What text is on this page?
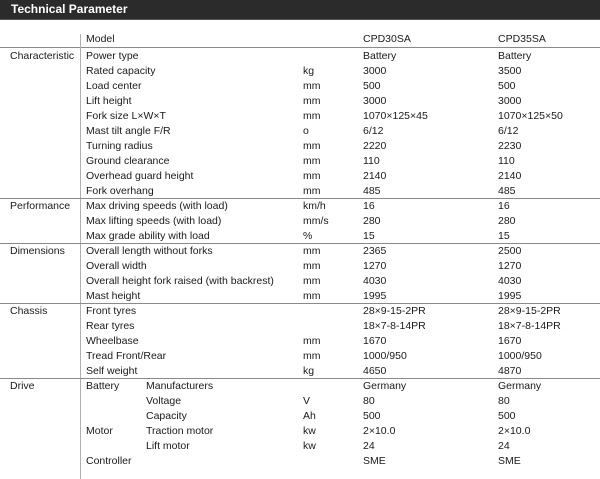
Technical Parameter
Model	CPD30SA	CPD35SA
Characteristic Power type	Battery	Battery
Rated capacity	kg	3000	3500
Load center	mm	500	500
Lift height	mm	3000	3000
Fork size L×W×T	mm	1070×125×45	1070×125×50
Mast tilt angle F/R	o	6/12	6/12
Turning radius	mm	2220	2230
Ground clearance	mm	110	110
Overhead guard height	mm	2140	2140
Fork overhang	mm	485	485
Performance Max driving speeds (with load)	km/h	16	16
Max lifting speeds (with load)	mm/s	280	280
Max grade ability with load	%	15	15
Dimensions Overall length without forks	mm	2365	2500
Overall width	mm	1270	1270
Overall height fork raised (with backrest)	mm	4030	4030
Mast height	mm	1995	1995
Chassis	Front tyres	28×9-15-2PR	28×9-15-2PR
Rear tyres	18×7-8-14PR	18×7-8-14PR
Wheelbase	mm	1670	1670
Tread Front/Rear	mm	1000/950	1000/950
Self weight	kg	4650	4870
Drive	Battery	Manufacturers	Germany	Germany
Voltage	V	80	80
Capacity	Ah	500	500
Motor	Traction motor	kw	2×10.0	2×10.0
Lift motor	kw	24	24
Controller	SME	SME
